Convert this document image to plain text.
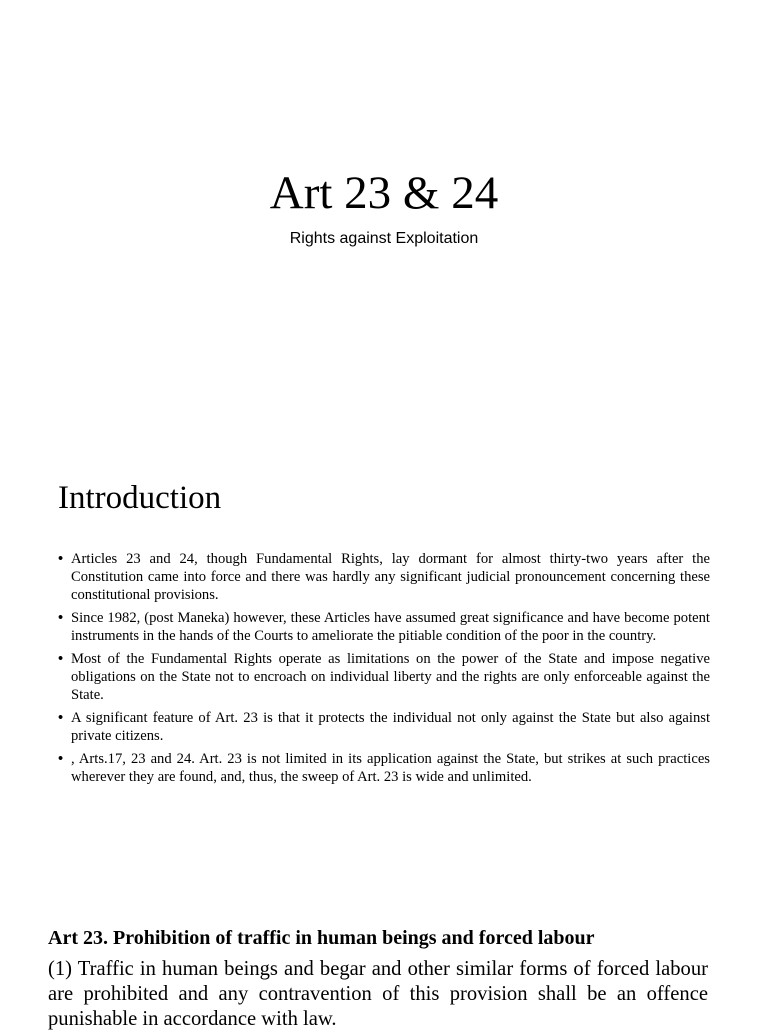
Art 23 & 24
Rights against Exploitation
Introduction
• Articles 23 and 24, though Fundamental Rights, lay dormant for almost thirty-two years after the Constitution came into force and there was hardly any significant judicial pronouncement concerning these constitutional provisions.
• Since 1982, (post Maneka) however, these Articles have assumed great significance and have become potent instruments in the hands of the Courts to ameliorate the pitiable condition of the poor in the country.
• Most of the Fundamental Rights operate as limitations on the power of the State and impose negative obligations on the State not to encroach on individual liberty and the rights are only enforceable against the State.
• A significant feature of Art. 23 is that it protects the individual not only against the State but also against private citizens.
• , Arts.17, 23 and 24. Art. 23 is not limited in its application against the State, but strikes at such practices wherever they are found, and, thus, the sweep of Art. 23 is wide and unlimited.
Art 23. Prohibition of traffic in human beings and forced labour
(1) Traffic in human beings and begar and other similar forms of forced labour are prohibited and any contravention of this provision shall be an offence punishable in accordance with law.
